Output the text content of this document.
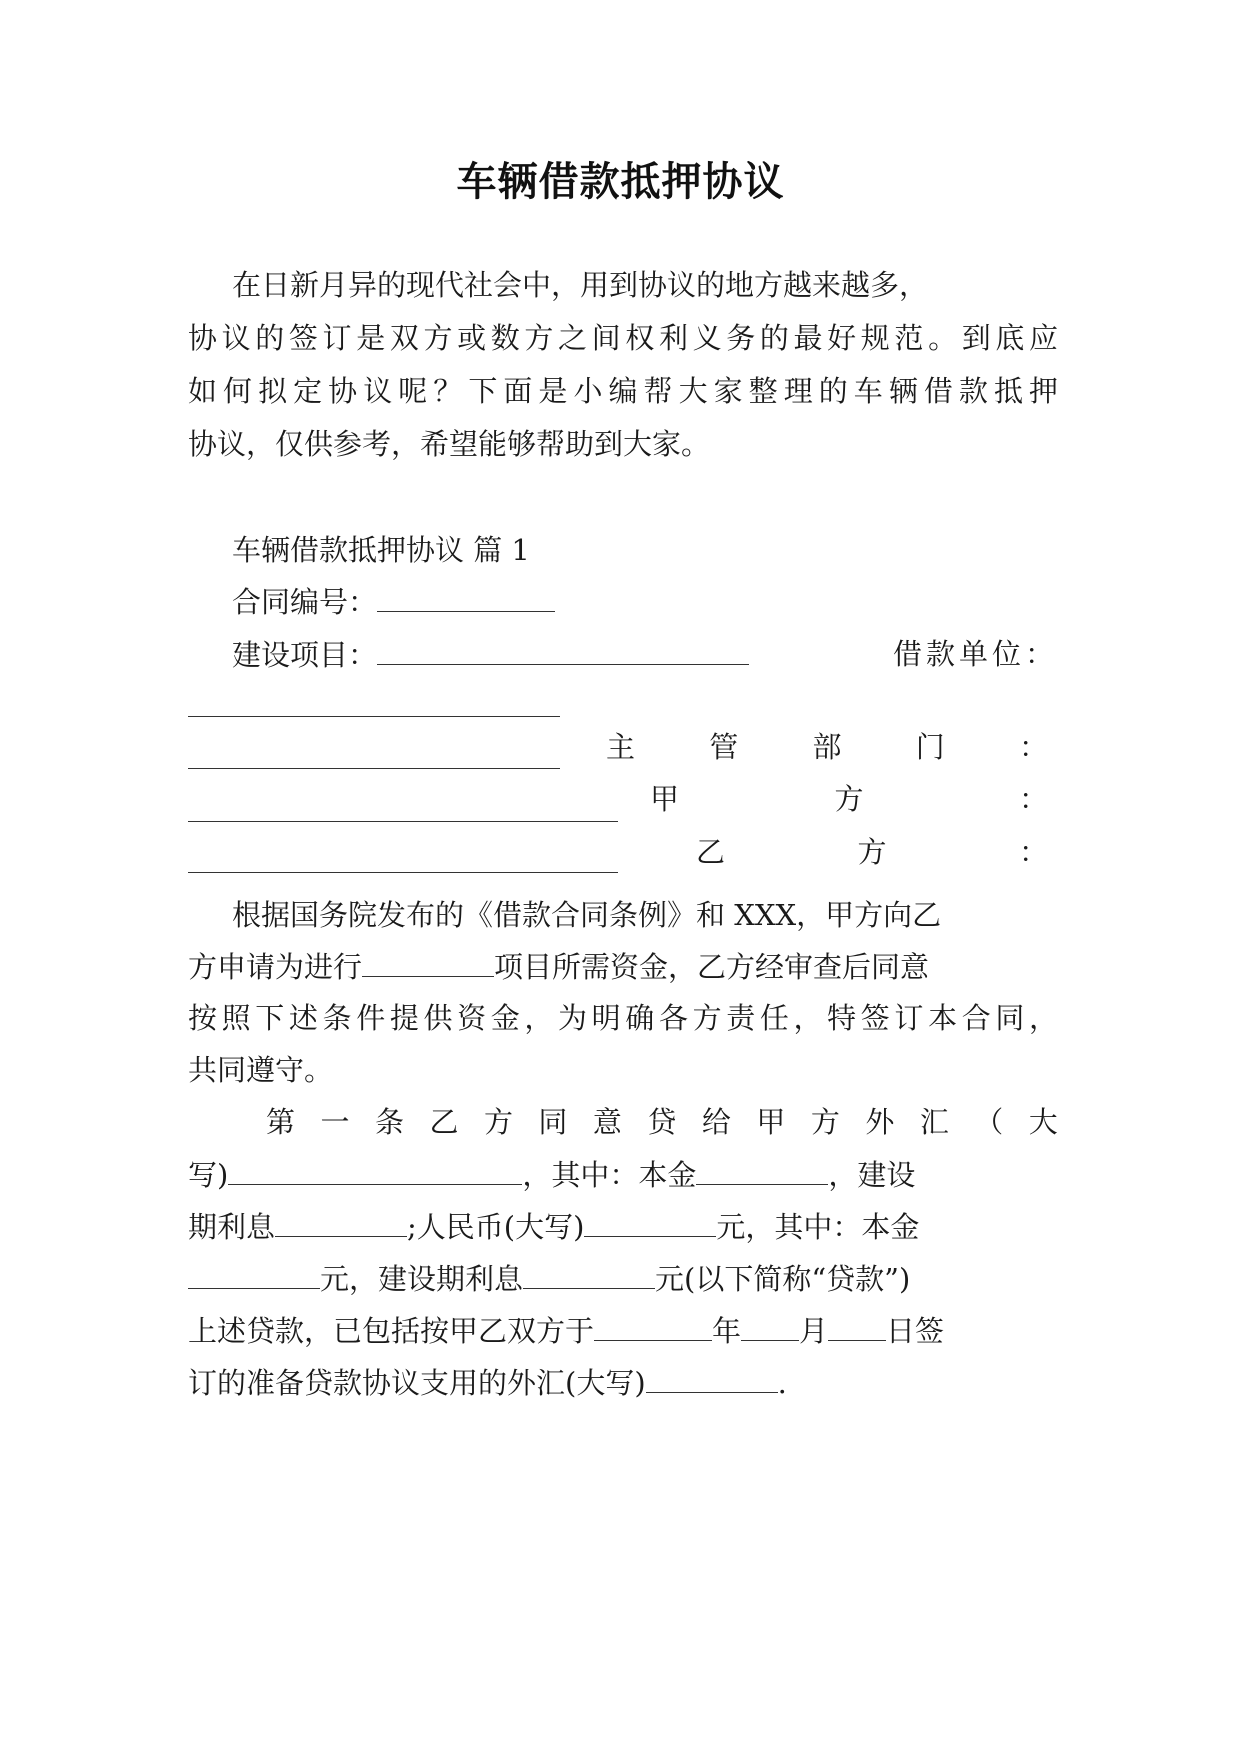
车辆借款抵押协议
在日新月异的现代社会中，用到协议的地方越来越多，
协议的签订是双方或数方之间权利义务的最好规范。到底应
如何拟定协议呢？下面是小编帮大家整理的车辆借款抵押
协议，仅供参考，希望能够帮助到大家。
车辆借款抵押协议 篇 1
合同编号：
建设项目：	借款单位：
主	管	部	门	：
甲	方	：
乙	方	：
根据国务院发布的《借款合同条例》和 XXX，甲方向乙
方申请为进行	项目所需资金，乙方经审查后同意
按照下述条件提供资金，为明确各方责任，特签订本合同，
共同遵守。
第 一 条 乙 方 同 意 贷 给 甲 方 外 汇 （ 大
写)	，其中：本金	，建设
期利息	;人民币(大写)	元，其中：本金
元，建设期利息	元(以下简称“贷款”)
上述贷款，已包括按甲乙双方于	年 月 日签
订的准备贷款协议支用的外汇(大写)	.
